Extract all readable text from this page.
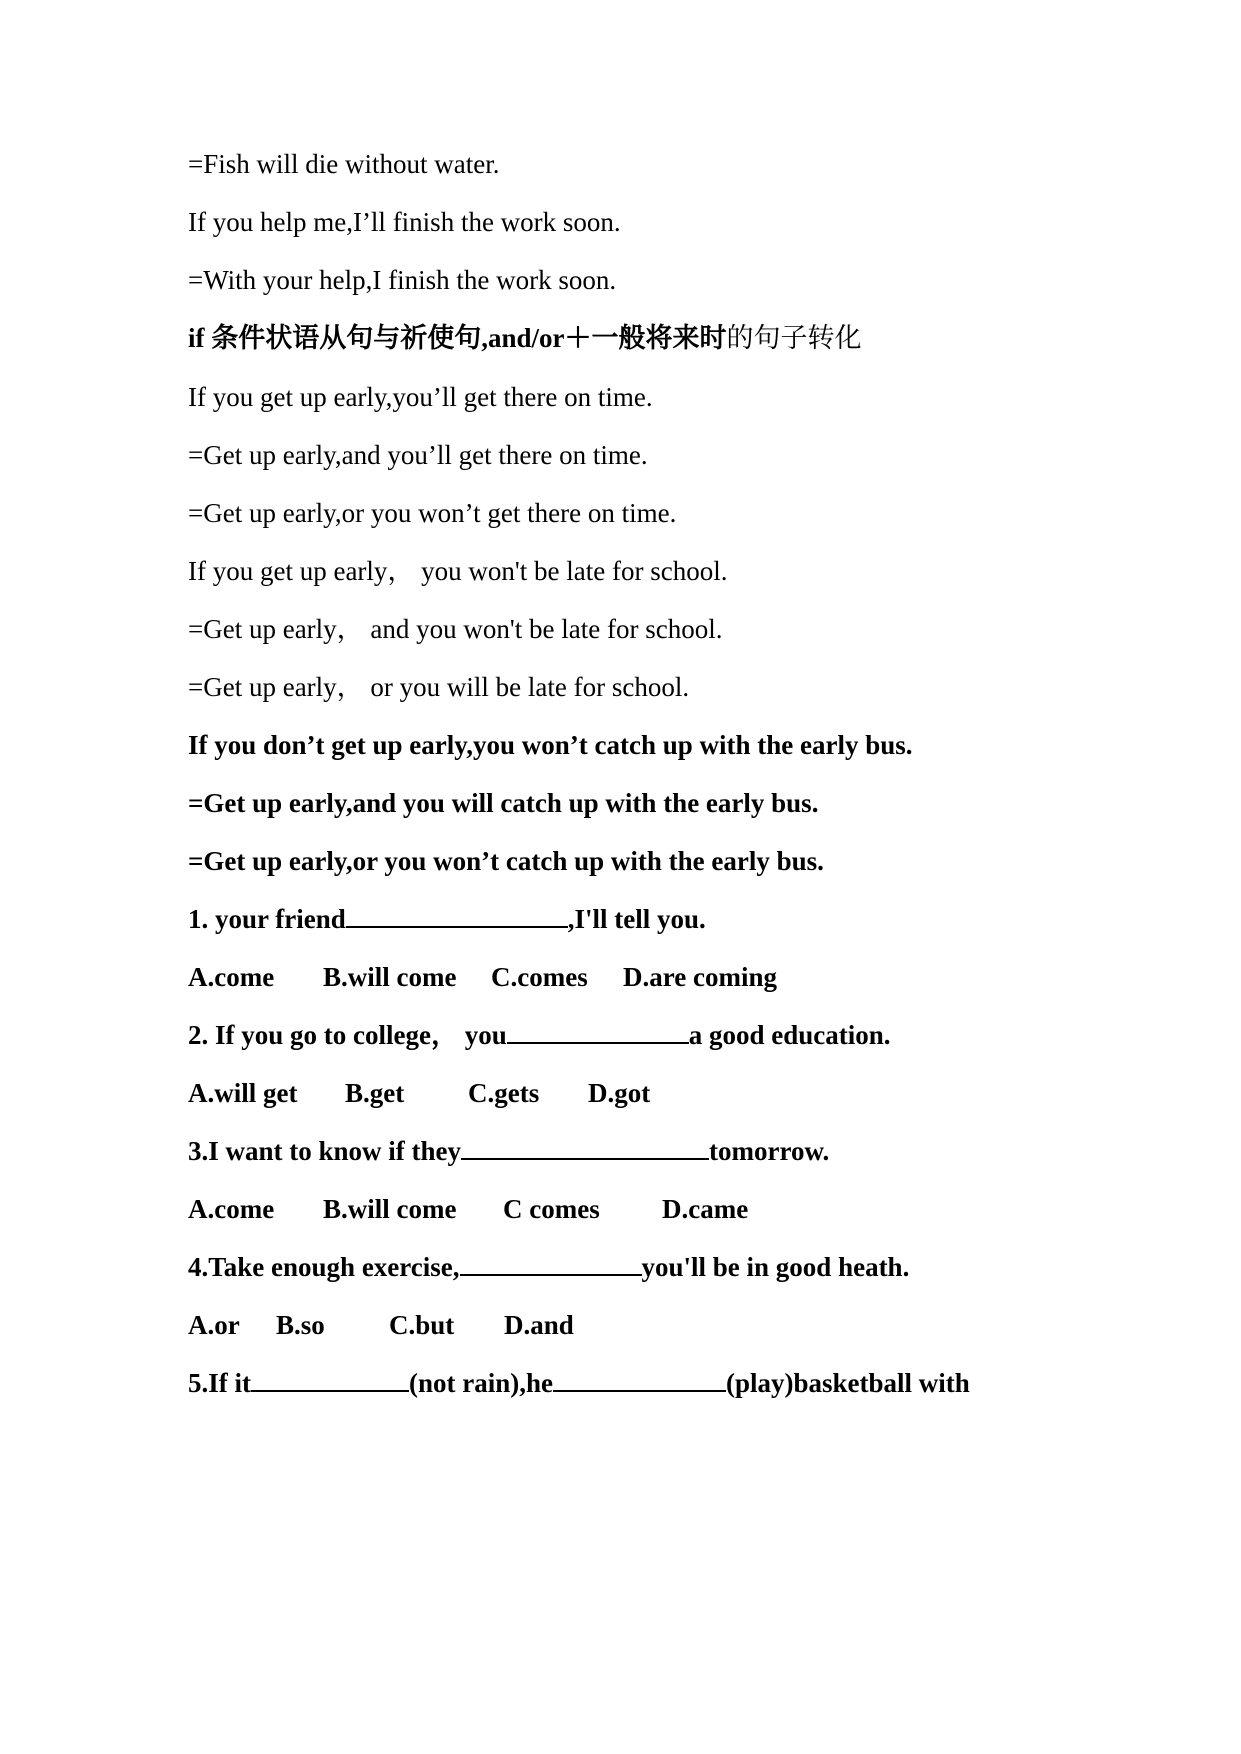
=Fish will die without water.
If you help me,I’ll finish the work soon.
=With your help,I finish the work soon.
if 条件状语从句与祈使句,and/or＋一般将来时的句子转化
If you get up early,you’ll get there on time.
=Get up early,and you’ll get there on time.
=Get up early,or you won’t get there on time.
If you get up early， you won't be late for school.
=Get up early， and you won't be late for school.
=Get up early， or you will be late for school.
If you don’t get up early,you won’t catch up with the early bus.
=Get up early,and you will catch up with the early bus.
=Get up early,or you won’t catch up with the early bus.
1. your friend	,I'll tell you.
A.come B.will come C.comes D.are coming
2. If you go to college， you	a good education.
A.will get B.get C.gets D.got
3.I want to know if they	tomorrow.
A.come B.will come C comes D.came
4.Take enough exercise,	you'll be in good heath.
A.or B.so C.but D.and
5.If it	(not rain),he	(play)basketball with
